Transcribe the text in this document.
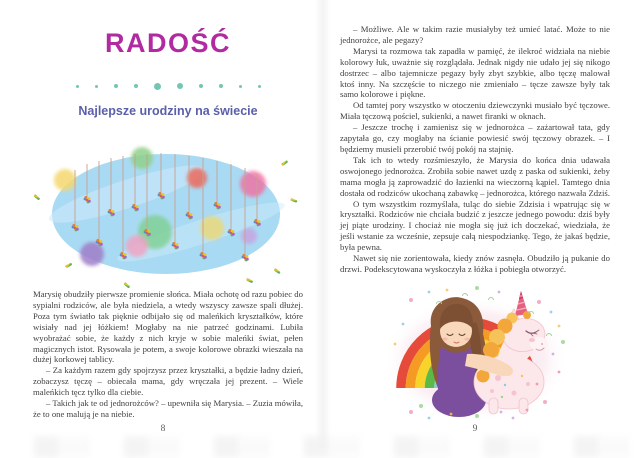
RADOŚĆ
Najlepsze urodziny na świecie

Marysię obudziły pierwsze promienie słońca. Miała ochotę od razu pobiec do sypialni rodziców, ale była niedziela, a wtedy wszyscy zawsze spali dłużej. Poza tym światło tak pięknie odbijało się od maleńkich kryształków, które wisiały nad jej łóżkiem! Mogłaby na nie patrzeć godzinami. Lubiła wyobrażać sobie, że każdy z nich kryje w sobie maleńki świat, pełen magicznych istot. Rysowała je potem, a swoje kolorowe obrazki wieszała na dużej korkowej tablicy.

– Za każdym razem gdy spojrzysz przez kryształki, a będzie ładny dzień, zobaczysz tęczę – obiecała mama, gdy wręczała jej prezent. – Wiele maleńkich tęcz tylko dla ciebie.

– Takich jak te od jednorożców? – upewniła się Marysia. – Zuzia mówiła, że to one malują je na niebie.

8

– Możliwe. Ale w takim razie musiałyby też umieć latać. Może to nie jednorożce, ale pegazy?

Marysi ta rozmowa tak zapadła w pamięć, że ilekroć widziała na niebie kolorowy łuk, uważnie się rozglądała. Jednak nigdy nie udało jej się nikogo dostrzec – albo tajemnicze pegazy były zbyt szybkie, albo tęczę malował ktoś inny. Na szczęście to niczego nie zmieniało – tęcze zawsze były tak samo kolorowe i piękne.

Od tamtej pory wszystko w otoczeniu dziewczynki musiało być tęczowe. Miała tęczową pościel, sukienki, a nawet firanki w oknach.

– Jeszcze trochę i zamienisz się w jednorożca – zażartował tata, gdy zapytała go, czy mogłaby na ścianie powiesić swój tęczowy obrazek. – I będziemy musieli przerobić twój pokój na stajnię.

Tak ich to wtedy rozśmieszyło, że Marysia do końca dnia udawała oswojonego jednorożca. Zrobiła sobie nawet uzdę z paska od sukienki, żeby mama mogła ją zaprowadzić do łazienki na wieczorną kąpiel. Tamtego dnia dostała od rodziców ukochaną zabawkę – jednorożca, którego nazwała Zdziś.

O tym wszystkim rozmyślała, tuląc do siebie Zdzisia i wpatrując się w kryształki. Rodziców nie chciała budzić z jeszcze jednego powodu: dziś były jej piąte urodziny. I chociaż nie mogła się już ich doczekać, wiedziała, że jeśli wstanie za wcześnie, zepsuje całą niespodziankę. Tego, że jakaś będzie, była pewna.

Nawet się nie zorientowała, kiedy znów zasnęła. Obudziło ją pukanie do drzwi. Podekscytowana wyskoczyła z łóżka i pobiegła otworzyć.

9
